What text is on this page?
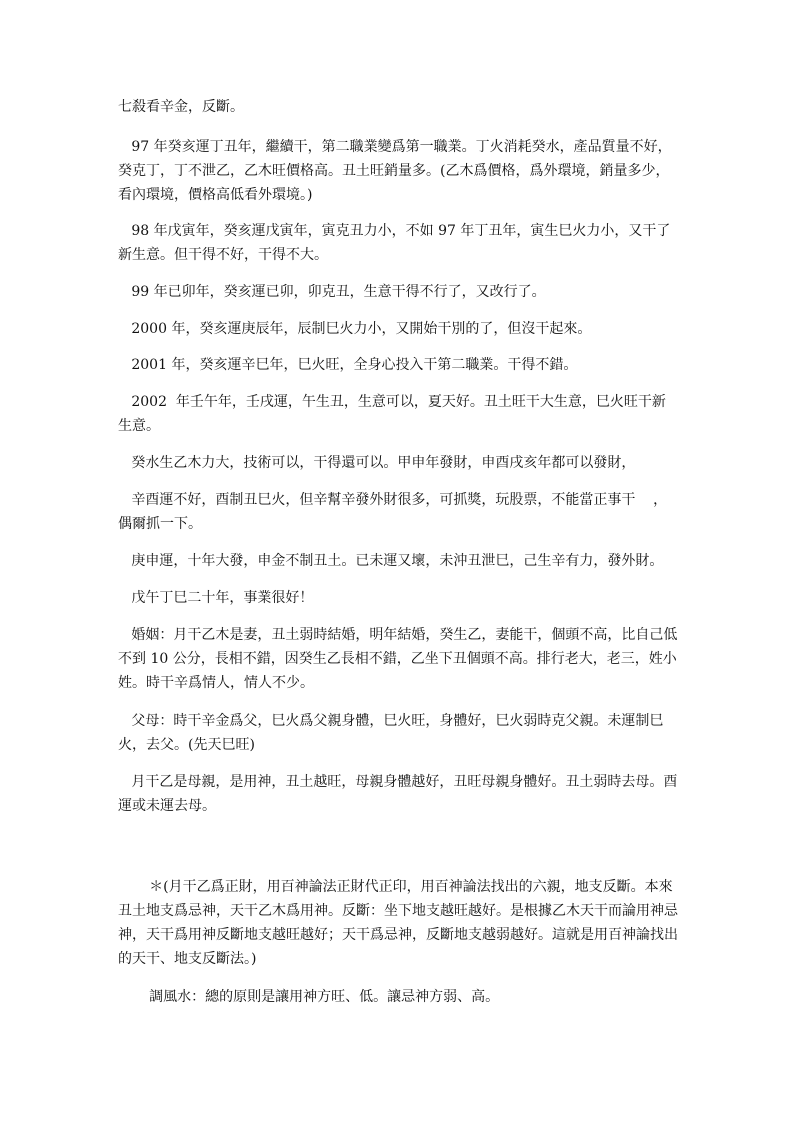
七殺看辛金，反斷。

97 年癸亥運丁丑年，繼續干，第二職業變爲第一職業。丁火消耗癸水，產品質量不好，癸克丁，丁不泄乙，乙木旺價格高。丑土旺銷量多。(乙木爲價格，爲外環境，銷量多少，看內環境，價格高低看外環境。)

98 年戊寅年，癸亥運戊寅年，寅克丑力小，不如 97 年丁丑年，寅生巳火力小，又干了新生意。但干得不好，干得不大。

99 年已卯年，癸亥運已卯，卯克丑，生意干得不行了，又改行了。

2000 年，癸亥運庚辰年，辰制巳火力小，又開始干別的了，但沒干起來。

2001 年，癸亥運辛巳年，巳火旺，全身心投入干第二職業。干得不錯。

2002  年壬午年，壬戌運，午生丑，生意可以，夏天好。丑土旺干大生意，巳火旺干新生意。

癸水生乙木力大，技術可以，干得還可以。甲申年發財，申酉戌亥年都可以發財，

辛酉運不好，酉制丑巳火，但辛幫辛發外財很多，可抓獎，玩股票，不能當正事干    ，偶爾抓一下。

庚申運，十年大發，申金不制丑土。已未運又壞，未沖丑泄巳，己生辛有力，發外財。

戊午丁巳二十年，事業很好！

婚姻：月干乙木是妻，丑土弱時結婚，明年結婚，癸生乙，妻能干，個頭不高，比自己低不到 10 公分，長相不錯，因癸生乙長相不錯，乙坐下丑個頭不高。排行老大，老三，姓小姓。時干辛爲情人，情人不少。

父母：時干辛金爲父，巳火爲父親身體，巳火旺，身體好，巳火弱時克父親。未運制巳火，去父。(先天巳旺)

月干乙是母親，是用神，丑土越旺，母親身體越好，丑旺母親身體好。丑土弱時去母。酉運或未運去母。

＊(月干乙爲正財，用百神論法正財代正印，用百神論法找出的六親，地支反斷。本來丑土地支爲忌神，天干乙木爲用神。反斷：坐下地支越旺越好。是根據乙木天干而論用神忌神，天干爲用神反斷地支越旺越好；天干爲忌神，反斷地支越弱越好。這就是用百神論找出的天干、地支反斷法。)

調風水：總的原則是讓用神方旺、低。讓忌神方弱、高。
